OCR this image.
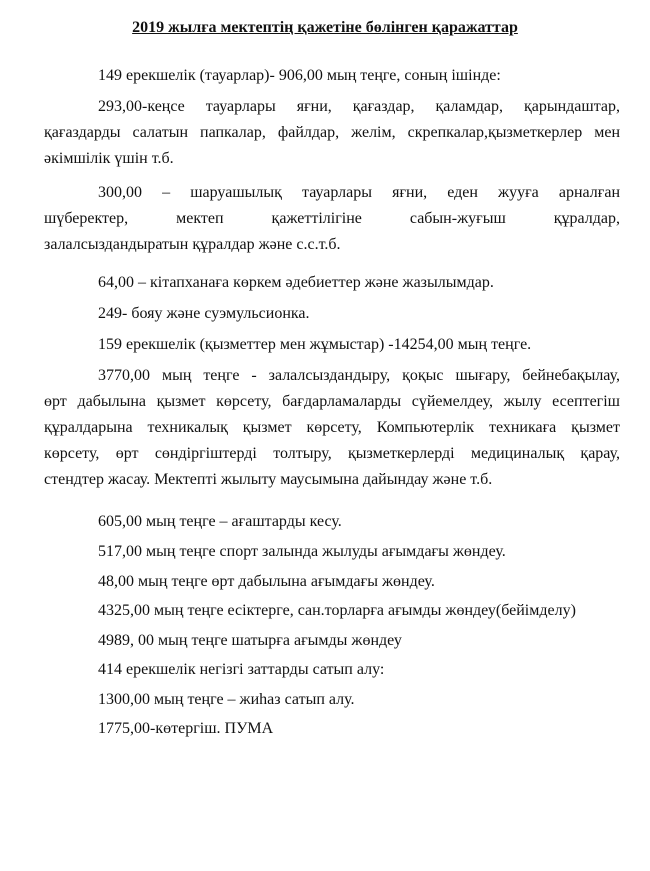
2019 жылға мектептің қажетіне бөлінген қаражаттар
149 ерекшелік (тауарлар)- 906,00 мың теңге, соның ішінде:
293,00-кеңсе тауарлары яғни, қағаздар, қаламдар, қарындаштар,
қағаздарды салатын папкалар, файлдар, желім, скрепкалар,қызметкерлер мен
әкімшілік үшін т.б.
300,00 – шаруашылық тауарлары яғни, еден жууға арналған
шүберектер, мектеп қажеттілігіне сабын-жуғыш құралдар,
залалсыздандыратын құралдар және с.с.т.б.
64,00 – кітапханаға көркем әдебиеттер және жазылымдар.
249- бояу және суэмульсионка.
159 ерекшелік (қызметтер мен жұмыстар) -14254,00 мың теңге.
3770,00 мың теңге - залалсыздандыру, қоқыс шығару, бейнебақылау,
өрт дабылына қызмет көрсету, бағдарламаларды сүйемелдеу, жылу есептегіш
құралдарына техникалық қызмет көрсету, Компьютерлік техникаға қызмет
көрсету, өрт сөндіргіштерді толтыру, қызметкерлерді медициналық қарау,
стендтер жасау. Мектепті жылыту маусымына дайындау және т.б.
605,00 мың теңге – ағаштарды кесу.
517,00 мың теңге спорт залында жылуды ағымдағы жөндеу.
48,00 мың теңге өрт дабылына ағымдағы жөндеу.
4325,00 мың теңге есіктерге, сан.торларға ағымды жөндеу(бейімделу)
4989, 00 мың теңге шатырға ағымды жөндеу
414 ерекшелік негізгі заттарды сатып алу:
1300,00 мың теңге – жиһаз сатып алу.
1775,00-көтергіш. ПУМА
